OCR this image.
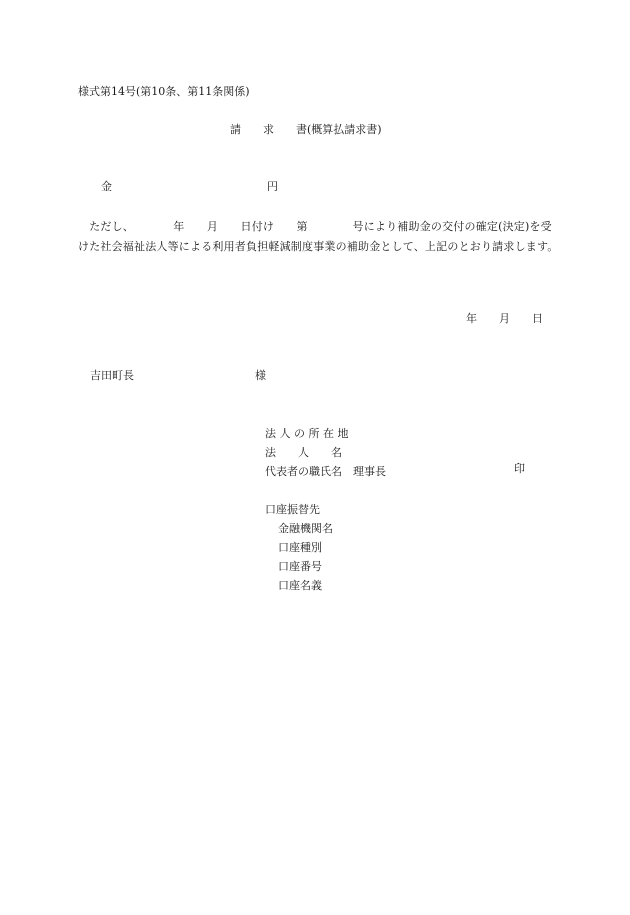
様式第14号(第10条、第11条関係)
請　　求　　書(概算払請求書)
金	円
　ただし、　　　　年　　月　　日付け　　第　　　　号により補助金の交付の確定(決定)を受けた社会福祉法人等による利用者負担軽減制度事業の補助金として、上記のとおり請求します。
年　　月　　日
吉田町長	様
法 人 の 所 在 地
法　　人　　名
代表者の職氏名　理事長	印
口座振替先
金融機関名
口座種別
口座番号
口座名義
